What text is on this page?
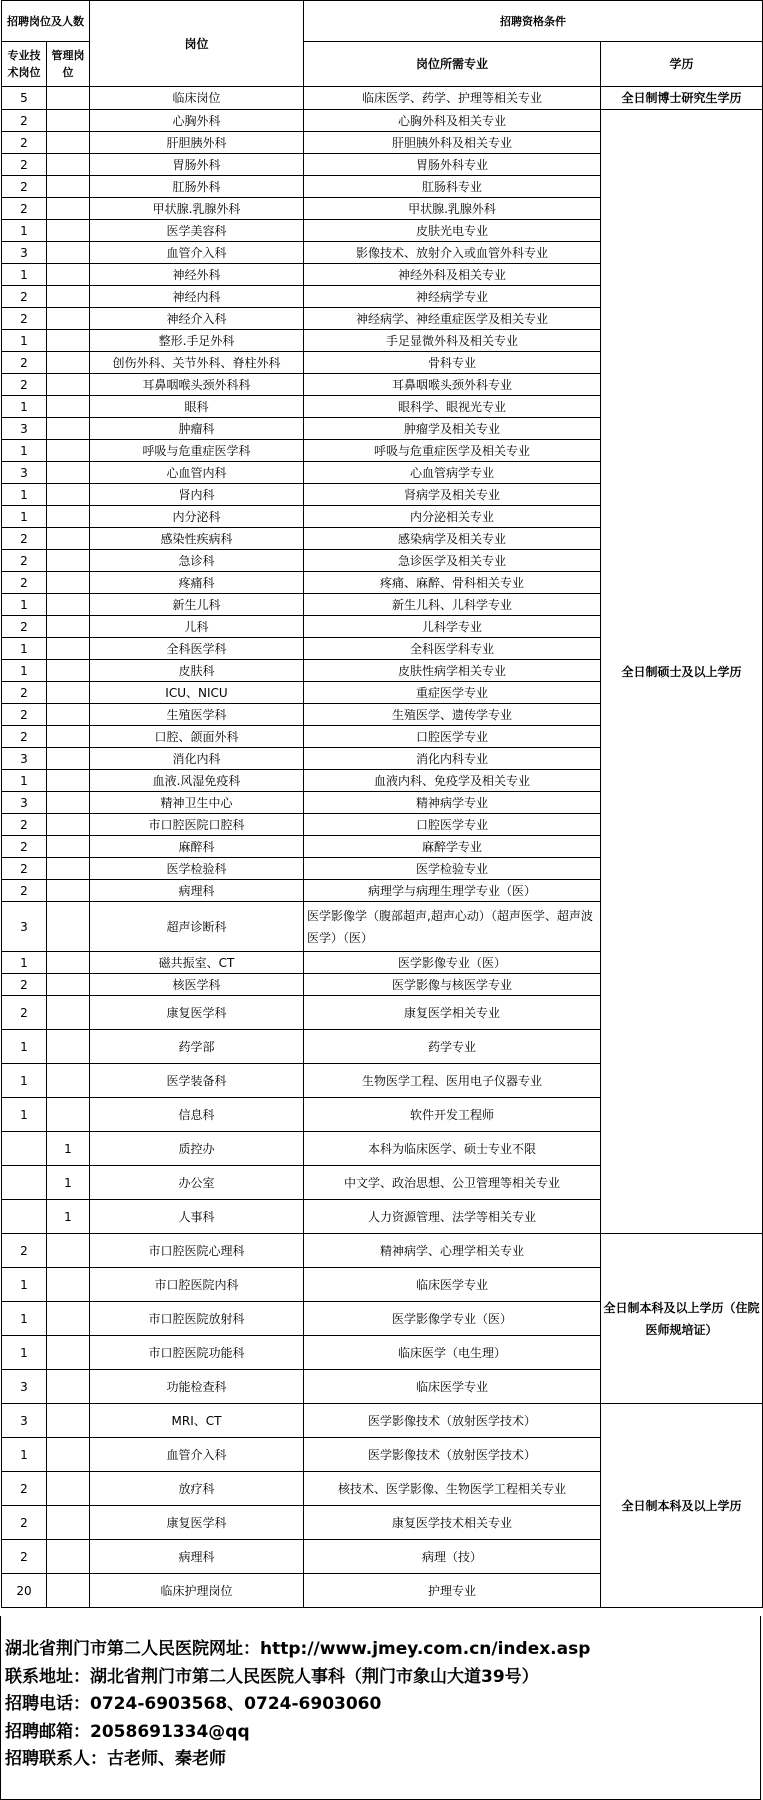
招聘岗位及人数		岗位	招聘资格条件	
专业技术岗位	管理岗位		岗位所需专业	学历
5		临床岗位	临床医学、药学、护理等相关专业	全日制博士研究生学历
2		心胸外科	心胸外科及相关专业	全日制硕士及以上学历
2		肝胆胰外科	肝胆胰外科及相关专业	
2		胃肠外科	胃肠外科专业	
2		肛肠外科	肛肠科专业	
2		甲状腺.乳腺外科	甲状腺.乳腺外科	
1		医学美容科	皮肤光电专业	
3		血管介入科	影像技术、放射介入或血管外科专业	
1		神经外科	神经外科及相关专业	
2		神经内科	神经病学专业	
2		神经介入科	神经病学、神经重症医学及相关专业	
1		整形.手足外科	手足显微外科及相关专业	
2		创伤外科、关节外科、脊柱外科	骨科专业	
2		耳鼻咽喉头颈外科科	耳鼻咽喉头颈外科专业	
1		眼科	眼科学、眼视光专业	
3		肿瘤科	肿瘤学及相关专业	
1		呼吸与危重症医学科	呼吸与危重症医学及相关专业	
3		心血管内科	心血管病学专业	
1		肾内科	肾病学及相关专业	
1		内分泌科	内分泌相关专业	
2		感染性疾病科	感染病学及相关专业	
2		急诊科	急诊医学及相关专业	
2		疼痛科	疼痛、麻醉、骨科相关专业	
1		新生儿科	新生儿科、儿科学专业	
2		儿科	儿科学专业	
1		全科医学科	全科医学科专业	
1		皮肤科	皮肤性病学相关专业	
2		ICU、NICU	重症医学专业	
2		生殖医学科	生殖医学、遗传学专业	
2		口腔、颌面外科	口腔医学专业	
3		消化内科	消化内科专业	
1		血液.风湿免疫科	血液内科、免疫学及相关专业	
3		精神卫生中心	精神病学专业	
2		市口腔医院口腔科	口腔医学专业	
2		麻醉科	麻醉学专业	
2		医学检验科	医学检验专业	
2		病理科	病理学与病理生理学专业（医）	
3		超声诊断科	医学影像学（腹部超声,超声心动）（超声医学、超声波医学）（医）	
1		磁共振室、CT	医学影像专业（医）	
2		核医学科	医学影像与核医学专业	
2		康复医学科	康复医学相关专业	
1		药学部	药学专业	
1		医学装备科	生物医学工程、医用电子仪器专业	
1		信息科	软件开发工程师	
	1	质控办	本科为临床医学、硕士专业不限	
	1	办公室	中文学、政治思想、公卫管理等相关专业	
	1	人事科	人力资源管理、法学等相关专业	
2		市口腔医院心理科	精神病学、心理学相关专业	全日制本科及以上学历（住院医师规培证）
1		市口腔医院内科	临床医学专业	
1		市口腔医院放射科	医学影像学专业（医）	
1		市口腔医院功能科	临床医学（电生理）	
3		功能检查科	临床医学专业	
3		MRI、CT	医学影像技术（放射医学技术）	全日制本科及以上学历
1		血管介入科	医学影像技术（放射医学技术）	
2		放疗科	核技术、医学影像、生物医学工程相关专业	
2		康复医学科	康复医学技术相关专业	
2		病理科	病理（技）	
20		临床护理岗位	护理专业	
湖北省荆门市第二人民医院网址：http://www.jmey.com.cn/index.asp
联系地址：湖北省荆门市第二人民医院人事科（荆门市象山大道39号）
招聘电话：0724-6903568、0724-6903060
招聘邮箱：2058691334@qq
招聘联系人：古老师、秦老师
